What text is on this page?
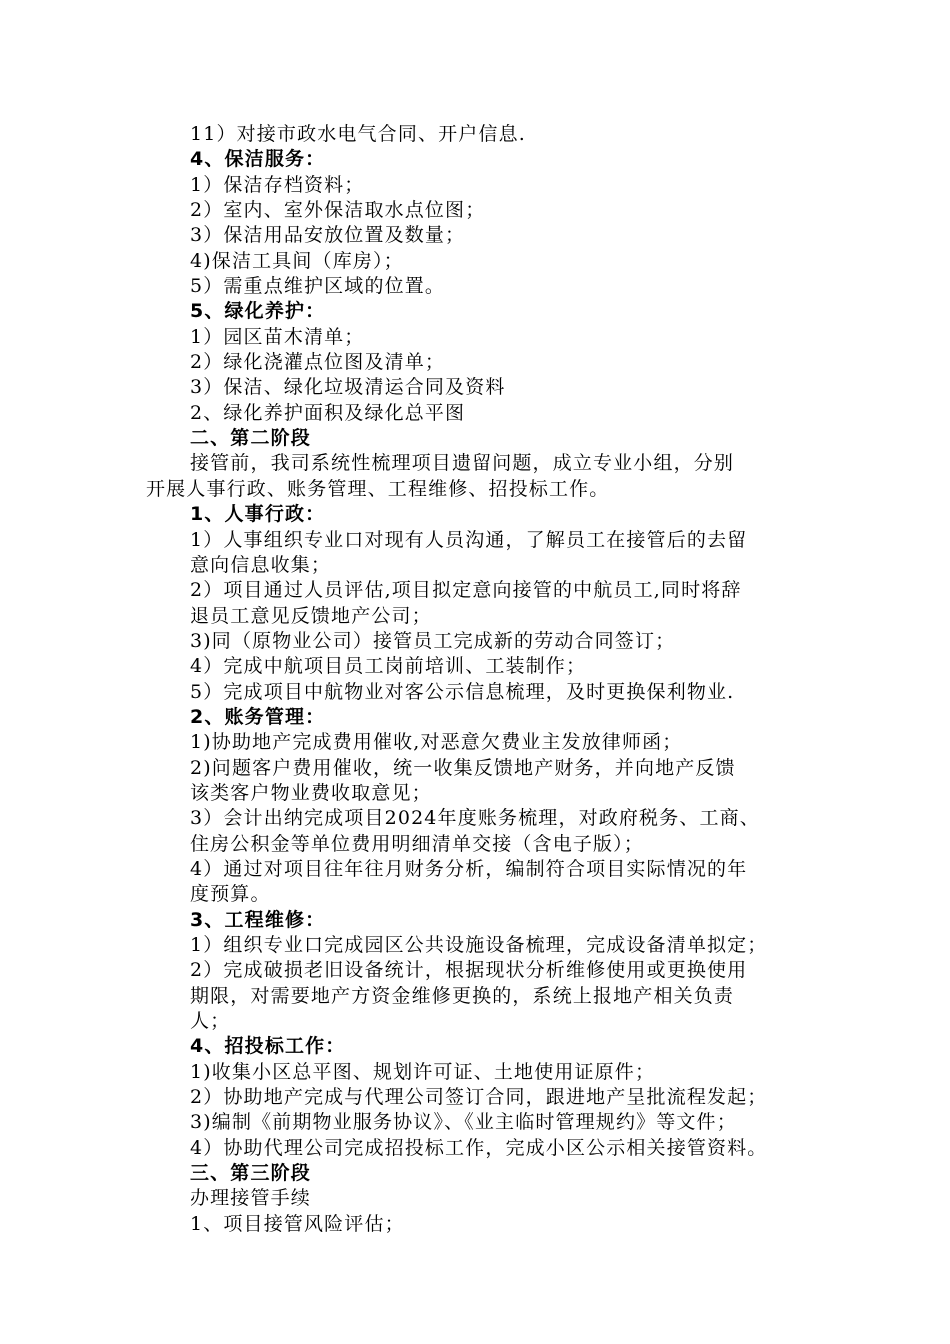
11）对接市政水电气合同、开户信息.
4、保洁服务：
1）保洁存档资料；
2）室内、室外保洁取水点位图；
3）保洁用品安放位置及数量；
4)保洁工具间（库房）；
5）需重点维护区域的位置。
5、绿化养护：
1）园区苗木清单；
2）绿化浇灌点位图及清单；
3）保洁、绿化垃圾清运合同及资料
2、绿化养护面积及绿化总平图
二、第二阶段
接管前，我司系统性梳理项目遗留问题，成立专业小组，分别
开展人事行政、账务管理、工程维修、招投标工作。
1、人事行政：
1）人事组织专业口对现有人员沟通，了解员工在接管后的去留
意向信息收集；
2）项目通过人员评估,项目拟定意向接管的中航员工,同时将辞
退员工意见反馈地产公司；
3)同（原物业公司）接管员工完成新的劳动合同签订；
4）完成中航项目员工岗前培训、工装制作；
5）完成项目中航物业对客公示信息梳理，及时更换保利物业.
2、账务管理：
1)协助地产完成费用催收,对恶意欠费业主发放律师函；
2)问题客户费用催收，统一收集反馈地产财务，并向地产反馈
该类客户物业费收取意见；
3）会计出纳完成项目2024年度账务梳理，对政府税务、工商、
住房公积金等单位费用明细清单交接（含电子版）；
4）通过对项目往年往月财务分析，编制符合项目实际情况的年
度预算。
3、工程维修：
1）组织专业口完成园区公共设施设备梳理，完成设备清单拟定；
2）完成破损老旧设备统计，根据现状分析维修使用或更换使用
期限，对需要地产方资金维修更换的，系统上报地产相关负责
人；
4、招投标工作：
1)收集小区总平图、规划许可证、土地使用证原件；
2）协助地产完成与代理公司签订合同，跟进地产呈批流程发起；
3)编制《前期物业服务协议》、《业主临时管理规约》等文件；
4）协助代理公司完成招投标工作，完成小区公示相关接管资料。
三、第三阶段
办理接管手续
1、项目接管风险评估；
